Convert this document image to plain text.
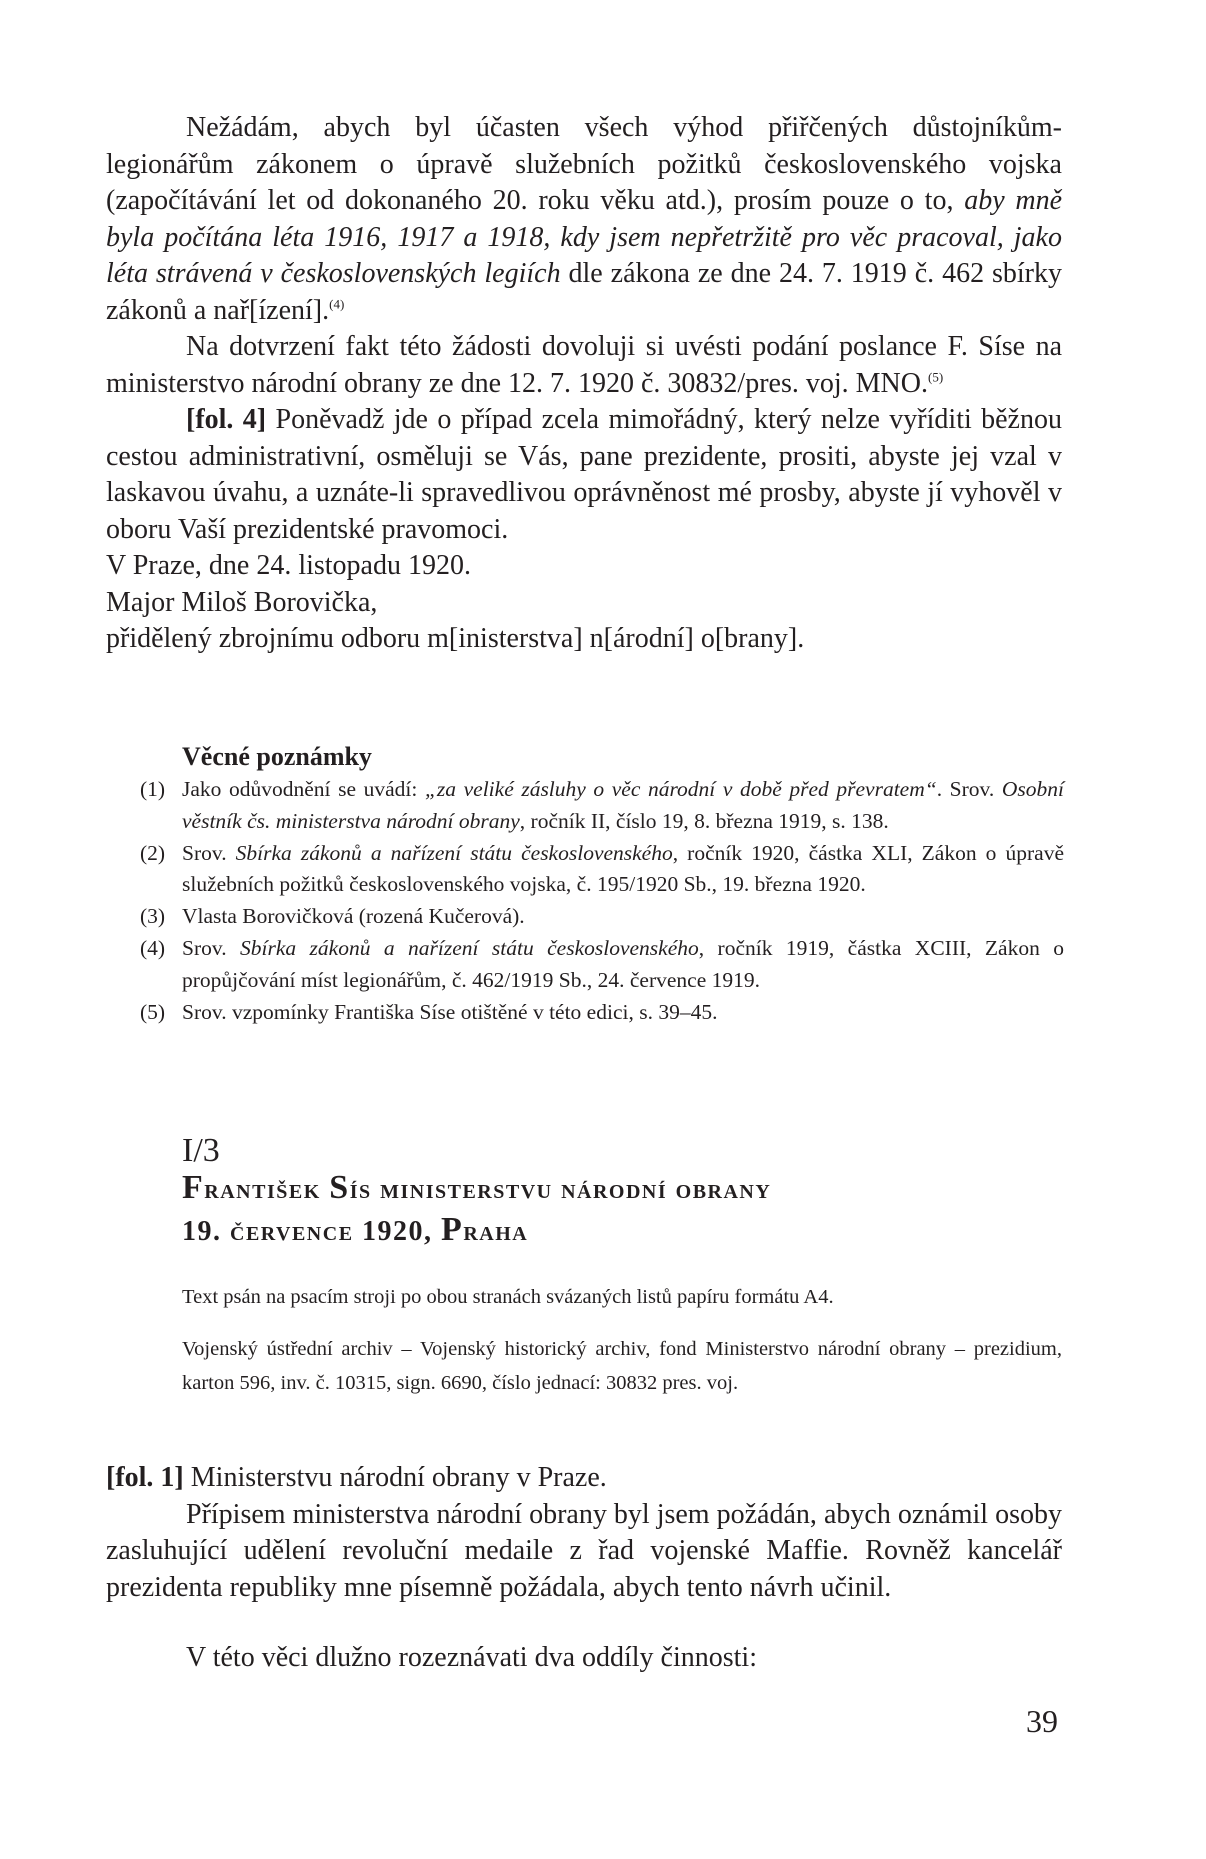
Nežádám, abych byl účasten všech výhod přiřčených důstojníkům-legionářům zákonem o úpravě služebních požitků československého vojska (započítávání let od dokonaného 20. roku věku atd.), prosím pouze o to, aby mně byla počítána léta 1916, 1917 a 1918, kdy jsem nepřetržitě pro věc pracoval, jako léta strávená v československých legiích dle zákona ze dne 24. 7. 1919 č. 462 sbírky zákonů a nař[ízení].$^{(4)}$

Na dotvrzení fakt této žádosti dovoluji si uvésti podání poslance F. Síse na ministerstvo národní obrany ze dne 12. 7. 1920 č. 30832/pres. voj. MNO.$^{(5)}$

[fol. 4] Poněvadž jde o případ zcela mimořádný, který nelze vyříditi běžnou cestou administrativní, osměluji se Vás, pane prezidente, prositi, abyste jej vzal v laskavou úvahu, a uznáte-li spravedlivou oprávněnost mé prosby, abyste jí vyhověl v oboru Vaší prezidentské pravomoci.

V Praze, dne 24. listopadu 1920.

Major Miloš Borovička,

přidělený zbrojnímu odboru m[inisterstva] n[árodní] o[brany].

Věcné poznámky
(1) Jako odůvodnění se uvádí: „za veliké zásluhy o věc národní v době před převratem“. Srov. Osobní věstník čs. ministerstva národní obrany, ročník II, číslo 19, 8. března 1919, s. 138.
(2) Srov. Sbírka zákonů a nařízení státu československého, ročník 1920, částka XLI, Zákon o úpravě služebních požitků československého vojska, č. 195/1920 Sb., 19. března 1920.
(3) Vlasta Borovičková (rozená Kučerová).
(4) Srov. Sbírka zákonů a nařízení státu československého, ročník 1919, částka XCIII, Zákon o propůjčování míst legionářům, č. 462/1919 Sb., 24. července 1919.
(5) Srov. vzpomínky Františka Síse otištěné v této edici, s. 39–45.
I/3
František Sís ministerstvu národní obrany
19. července 1920, Praha
Text psán na psacím stroji po obou stranách svázaných listů papíru formátu A4.
Vojenský ústřední archiv – Vojenský historický archiv, fond Ministerstvo národní obrany – prezidium, karton 596, inv. č. 10315, sign. 6690, číslo jednací: 30832 pres. voj.

[fol. 1] Ministerstvu národní obrany v Praze.

Přípisem ministerstva národní obrany byl jsem požádán, abych oznámil osoby zasluhující udělení revoluční medaile z řad vojenské Maffie. Rovněž kancelář prezidenta republiky mne písemně požádala, abych tento návrh učinil.

V této věci dlužno rozeznávati dva oddíly činnosti:

39
